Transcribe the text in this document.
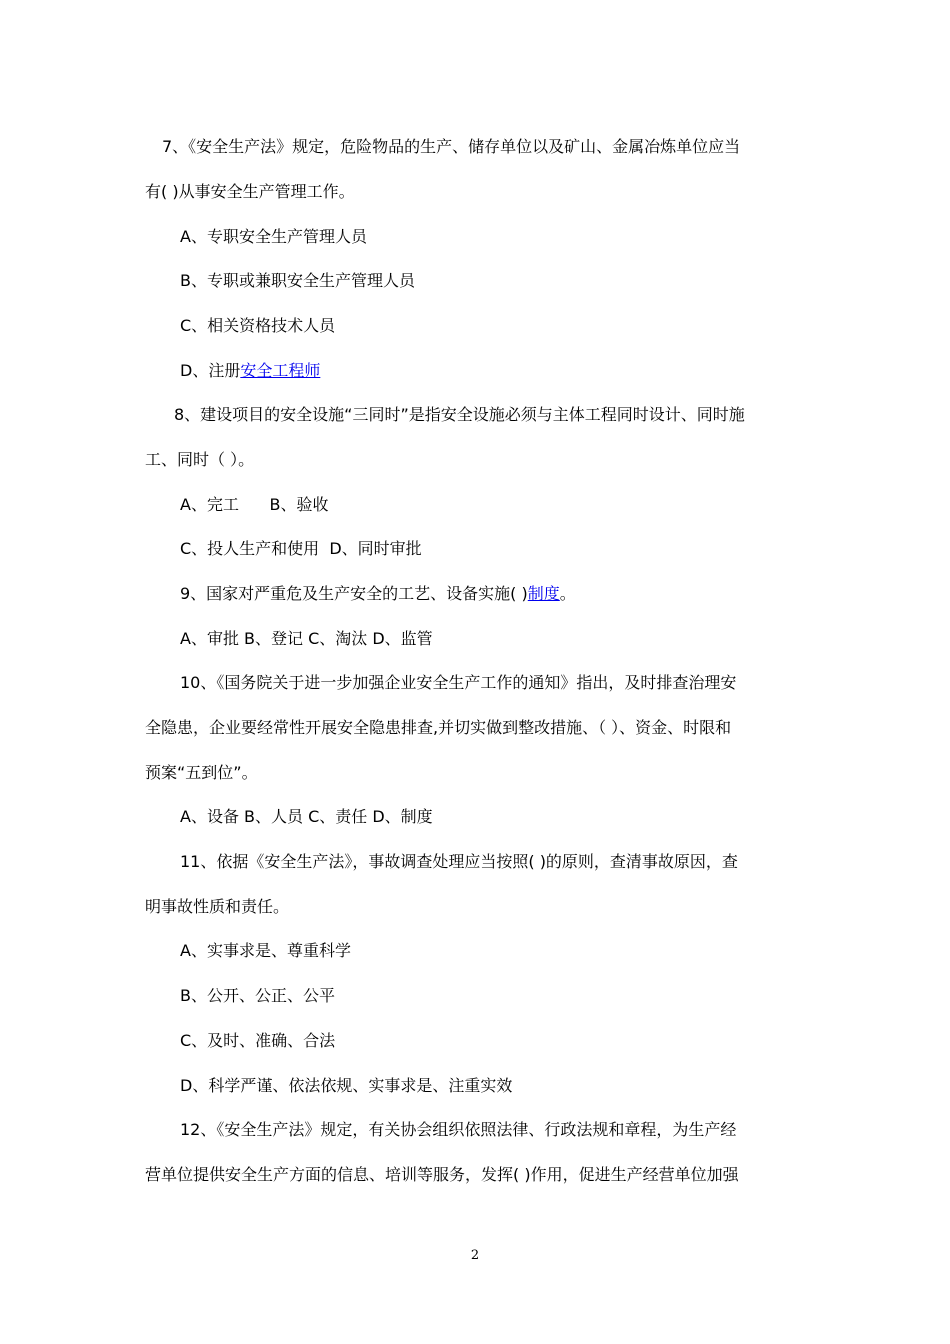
7、《安全生产法》规定，危险物品的生产、储存单位以及矿山、金属冶炼单位应当
有( )从事安全生产管理工作。
A、专职安全生产管理人员
B、专职或兼职安全生产管理人员
C、相关资格技术人员
D、注册安全工程师
8、建设项目的安全设施“三同时”是指安全设施必须与主体工程同时设计、同时施
工、同时（ ）。
A、完工      B、验收
C、投人生产和使用  D、同时审批
9、国家对严重危及生产安全的工艺、设备实施( )制度。
A、审批 B、登记 C、淘汰 D、监管
10、《国务院关于进一步加强企业安全生产工作的通知》指出，及时排查治理安
全隐患，企业要经常性开展安全隐患排查,并切实做到整改措施、（ ）、资金、时限和
预案“五到位”。
A、设备 B、人员 C、责任 D、制度
11、依据《安全生产法》，事故调查处理应当按照( )的原则，查清事故原因，查
明事故性质和责任。
A、实事求是、尊重科学
B、公开、公正、公平
C、及时、准确、合法
D、科学严谨、依法依规、实事求是、注重实效
12、《安全生产法》规定，有关协会组织依照法律、行政法规和章程，为生产经
营单位提供安全生产方面的信息、培训等服务，发挥( )作用，促进生产经营单位加强
2
